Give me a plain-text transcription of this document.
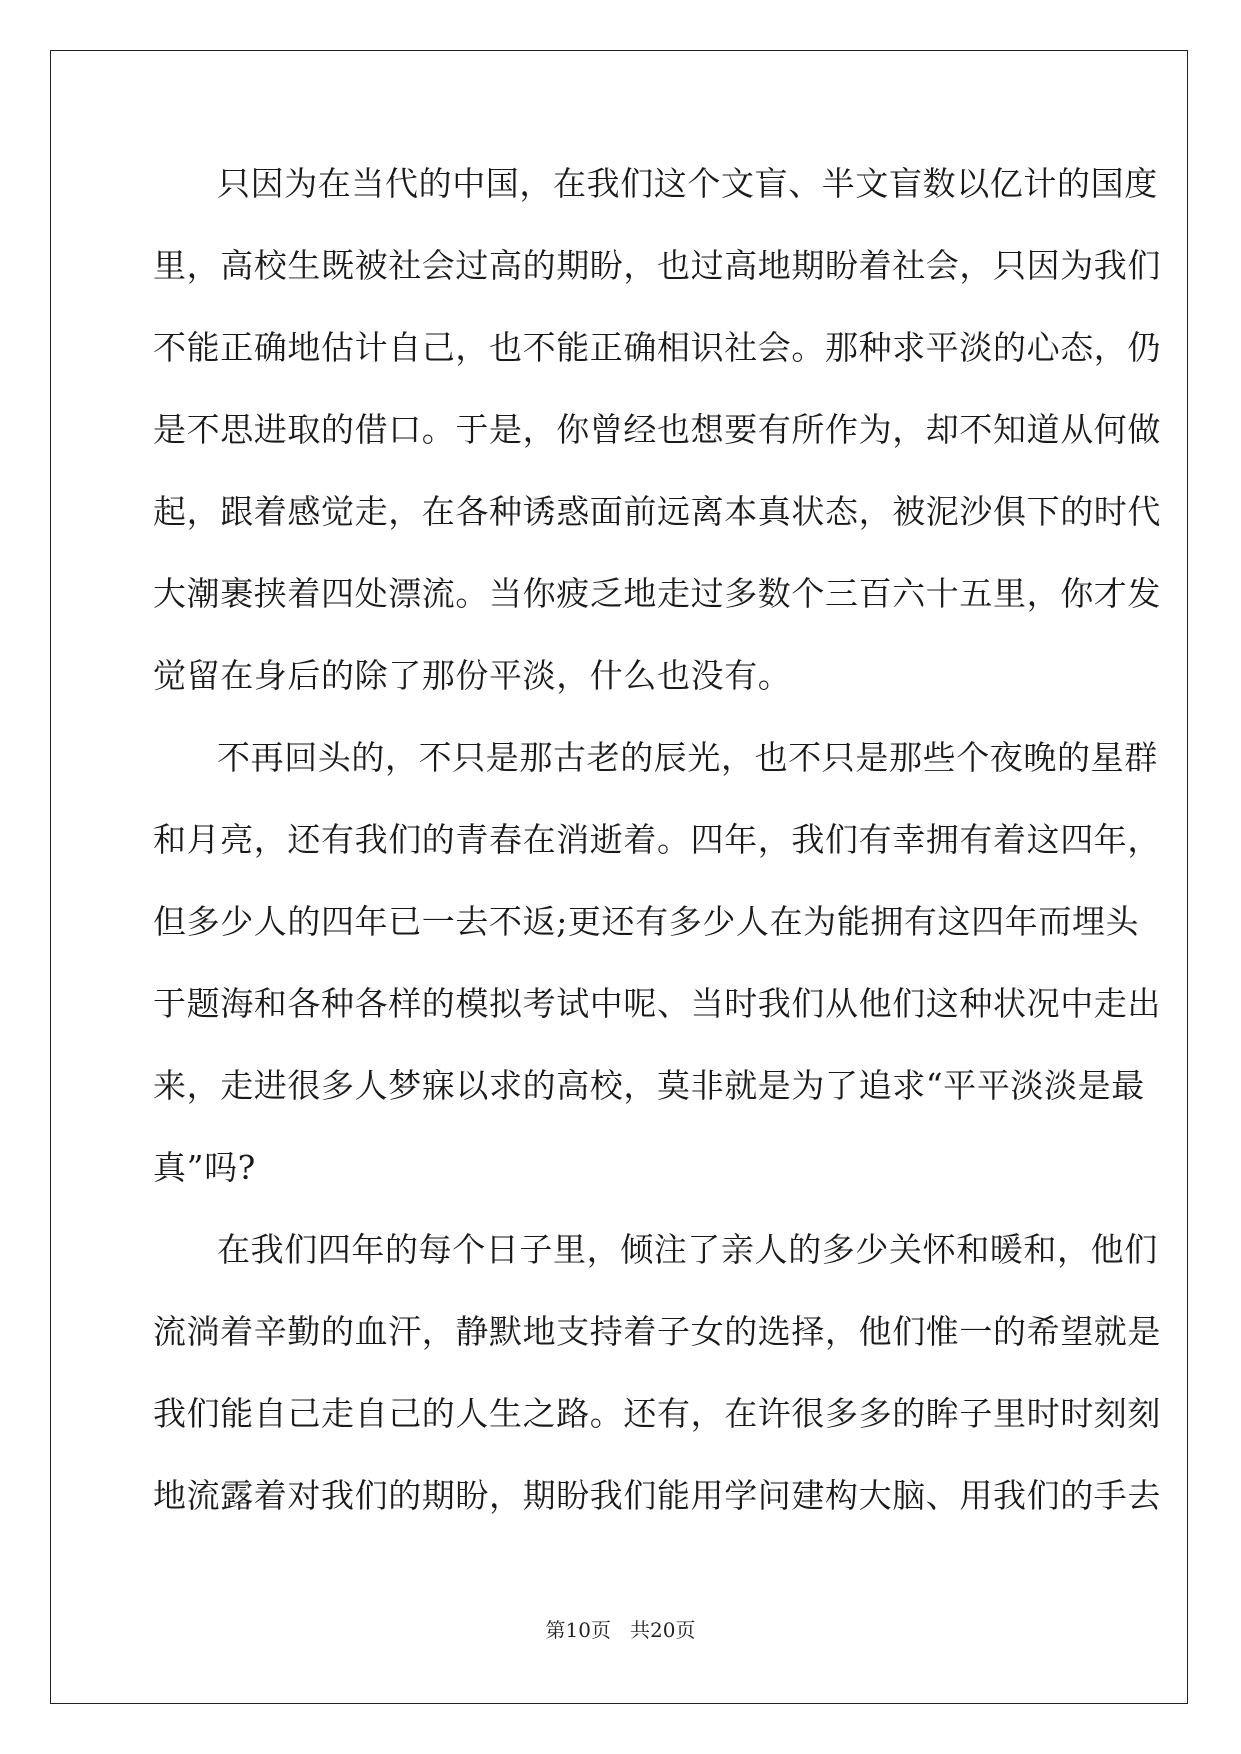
只因为在当代的中国，在我们这个文盲、半文盲数以亿计的国度
里，高校生既被社会过高的期盼，也过高地期盼着社会，只因为我们
不能正确地估计自己，也不能正确相识社会。那种求平淡的心态，仍
是不思进取的借口。于是，你曾经也想要有所作为，却不知道从何做
起，跟着感觉走，在各种诱惑面前远离本真状态，被泥沙俱下的时代
大潮裹挟着四处漂流。当你疲乏地走过多数个三百六十五里，你才发
觉留在身后的除了那份平淡，什么也没有。
不再回头的，不只是那古老的辰光，也不只是那些个夜晚的星群
和月亮，还有我们的青春在消逝着。四年，我们有幸拥有着这四年，
但多少人的四年已一去不返;更还有多少人在为能拥有这四年而埋头
于题海和各种各样的模拟考试中呢、当时我们从他们这种状况中走出
来，走进很多人梦寐以求的高校，莫非就是为了追求“平平淡淡是最
真”吗?
在我们四年的每个日子里，倾注了亲人的多少关怀和暖和，他们
流淌着辛勤的血汗，静默地支持着子女的选择，他们惟一的希望就是
我们能自己走自己的人生之路。还有，在许很多多的眸子里时时刻刻
地流露着对我们的期盼，期盼我们能用学问建构大脑、用我们的手去
第10页 共20页
